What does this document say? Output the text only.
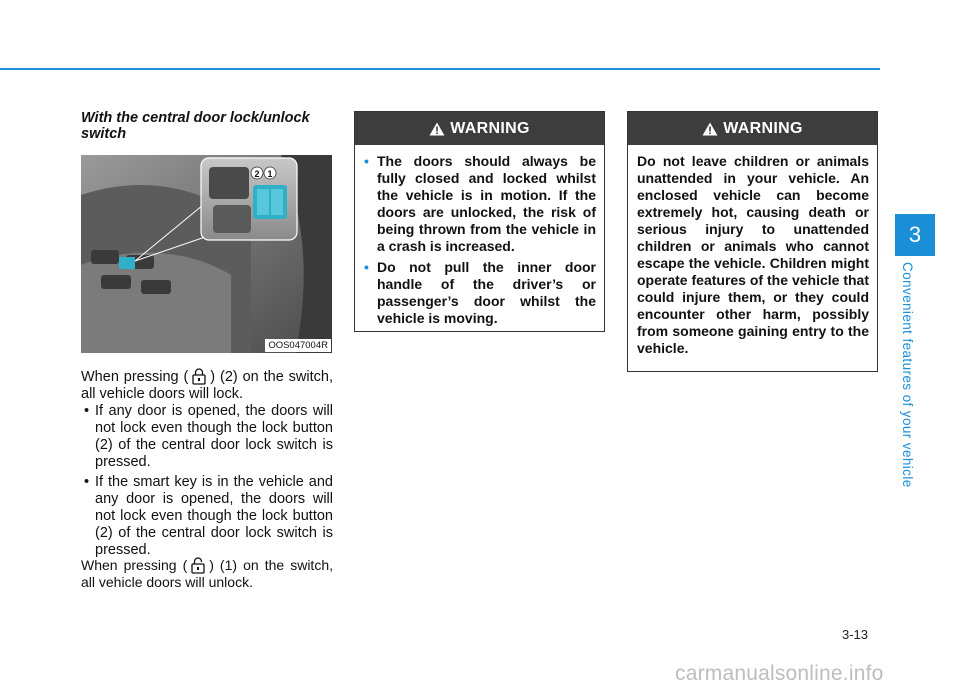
With the central door lock/unlock switch
2 1
OOS047004R
When pressing ( ) (2) on the switch, all vehicle doors will lock.
• If any door is opened, the doors will not lock even though the lock button (2) of the central door lock switch is pressed.
• If the smart key is in the vehicle and any door is opened, the doors will not lock even though the lock button (2) of the central door lock switch is pressed.
When pressing ( ) (1) on the switch, all vehicle doors will unlock.
WARNING
• The doors should always be fully closed and locked whilst the vehicle is in motion. If the doors are unlocked, the risk of being thrown from the vehicle in a crash is increased.
• Do not pull the inner door handle of the driver’s or passenger’s door whilst the vehicle is moving.
WARNING

Do not leave children or animals unattended in your vehicle. An enclosed vehicle can become extremely hot, causing death or serious injury to unattended children or animals who cannot escape the vehicle. Children might operate features of the vehicle that could injure them, or they could encounter other harm, possibly from someone gaining entry to the vehicle.

3
Convenient features of your vehicle
3-13
carmanualsonline.info
